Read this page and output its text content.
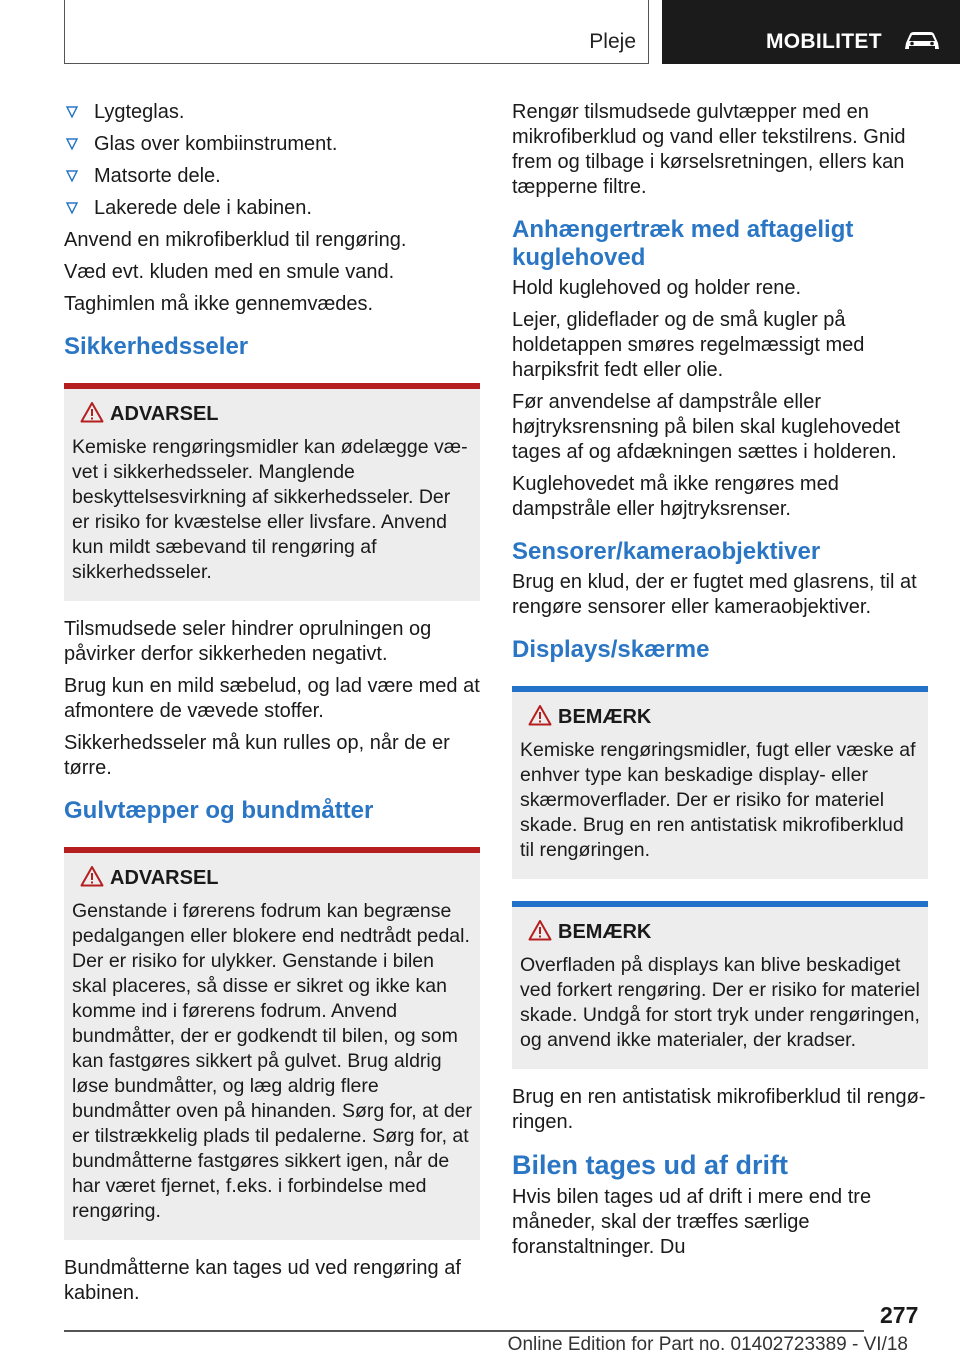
Pleje	MOBILITET
Lygteglas.
Glas over kombiinstrument.
Matsorte dele.
Lakerede dele i kabinen.

Anvend en mikrofiberklud til rengøring.

Væd evt. kluden med en smule vand.

Taghimlen må ikke gennemvædes.

Sikkerhedsseler
ADVARSEL

Kemiske rengøringsmidler kan ødelægge vævet i sikkerhedsseler. Manglende beskyttelsesvirkning af sikkerhedsseler. Der er risiko for kvæstelse eller livsfare. Anvend kun mildt sæbevand til rengøring af sikkerhedsseler.

Tilsmudsede seler hindrer oprulningen og påvirker derfor sikkerheden negativt.

Brug kun en mild sæbelud, og lad være med at afmontere de vævede stoffer.

Sikkerhedsseler må kun rulles op, når de er tørre.

Gulvtæpper og bundmåtter
ADVARSEL

Genstande i førerens fodrum kan begrænse pedalgangen eller blokere end nedtrådt pedal. Der er risiko for ulykker. Genstande i bilen skal placeres, så disse er sikret og ikke kan komme ind i førerens fodrum. Anvend bundmåtter, der er godkendt til bilen, og som kan fastgøres sikkert på gulvet. Brug aldrig løse bundmåtter, og læg aldrig flere bundmåtter oven på hinanden. Sørg for, at der er tilstrækkelig plads til pedalerne. Sørg for, at bundmåtterne fastgøres sikkert igen, når de har været fjernet, f.eks. i forbindelse med rengøring.

Bundmåtterne kan tages ud ved rengøring af kabinen.

Rengør tilsmudsede gulvtæpper med en mikrofiberklud og vand eller tekstilrens. Gnid frem og tilbage i kørselsretningen, ellers kan tæpperne filtre.

Anhængertræk med aftageligt kuglehoved

Hold kuglehoved og holder rene.

Lejer, glideflader og de små kugler på holdetappen smøres regelmæssigt med harpiksfrit fedt eller olie.

Før anvendelse af dampstråle eller højtryksrensning på bilen skal kuglehovedet tages af og afdækningen sættes i holderen.

Kuglehovedet må ikke rengøres med dampstråle eller højtryksrenser.

Sensorer/kameraobjektiver

Brug en klud, der er fugtet med glasrens, til at rengøre sensorer eller kameraobjektiver.

Displays/skærme
BEMÆRK

Kemiske rengøringsmidler, fugt eller væske af enhver type kan beskadige display- eller skærmoverflader. Der er risiko for materiel skade. Brug en ren antistatisk mikrofiberklud til rengøringen.

BEMÆRK

Overfladen på displays kan blive beskadiget ved forkert rengøring. Der er risiko for materiel skade. Undgå for stort tryk under rengøringen, og anvend ikke materialer, der kradser.

Brug en ren antistatisk mikrofiberklud til rengøringen.

Bilen tages ud af drift

Hvis bilen tages ud af drift i mere end tre måneder, skal der træffes særlige foranstaltninger. Du

277
Online Edition for Part no. 01402723389 - VI/18
